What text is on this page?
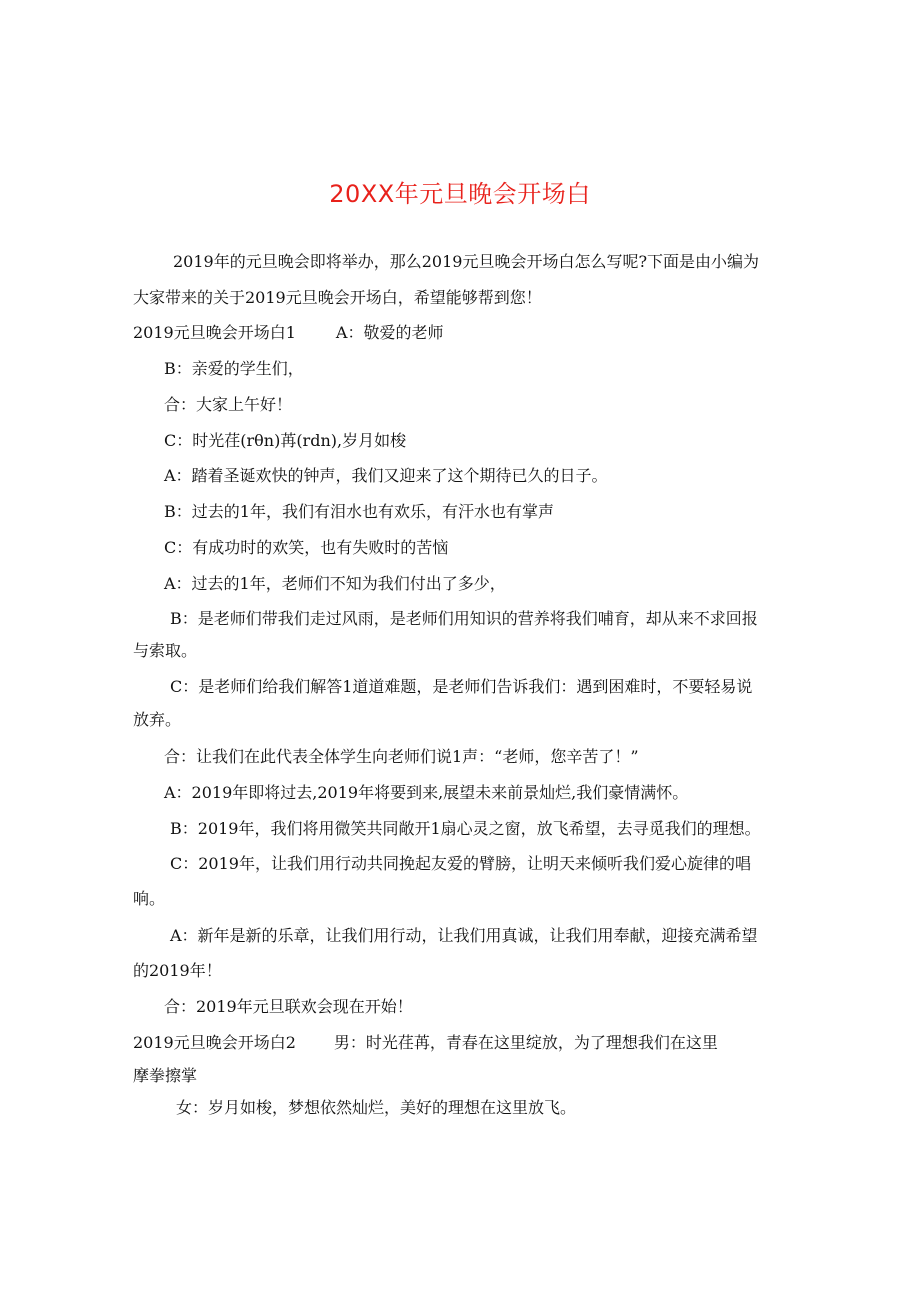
20XX年元旦晚会开场白
2019年的元旦晚会即将举办，那么2019元旦晚会开场白怎么写呢?下面是由小编为
大家带来的关于2019元旦晚会开场白，希望能够帮到您！
2019元旦晚会开场白1	A：敬爱的老师
B：亲爱的学生们，
合：大家上午好！
C：时光荏(rθn)苒(rdn),岁月如梭
A：踏着圣诞欢快的钟声，我们又迎来了这个期待已久的日子。
B：过去的1年，我们有泪水也有欢乐，有汗水也有掌声
C：有成功时的欢笑，也有失败时的苦恼
A：过去的1年，老师们不知为我们付出了多少，
B：是老师们带我们走过风雨，是老师们用知识的营养将我们哺育，却从来不求回报
与索取。
C：是老师们给我们解答1道道难题，是老师们告诉我们：遇到困难时，不要轻易说
放弃。
合：让我们在此代表全体学生向老师们说1声：“老师，您辛苦了！”
A：2019年即将过去,2019年将要到来,展望未来前景灿烂,我们豪情满怀。
B：2019年，我们将用微笑共同敞开1扇心灵之窗，放飞希望，去寻觅我们的理想。
C：2019年，让我们用行动共同挽起友爱的臂膀，让明天来倾听我们爱心旋律的唱
响。
A：新年是新的乐章，让我们用行动，让我们用真诚，让我们用奉献，迎接充满希望
的2019年！
合：2019年元旦联欢会现在开始！
2019元旦晚会开场白2 男：时光荏苒，青春在这里绽放，为了理想我们在这里
摩拳擦掌
女：岁月如梭，梦想依然灿烂，美好的理想在这里放飞。
